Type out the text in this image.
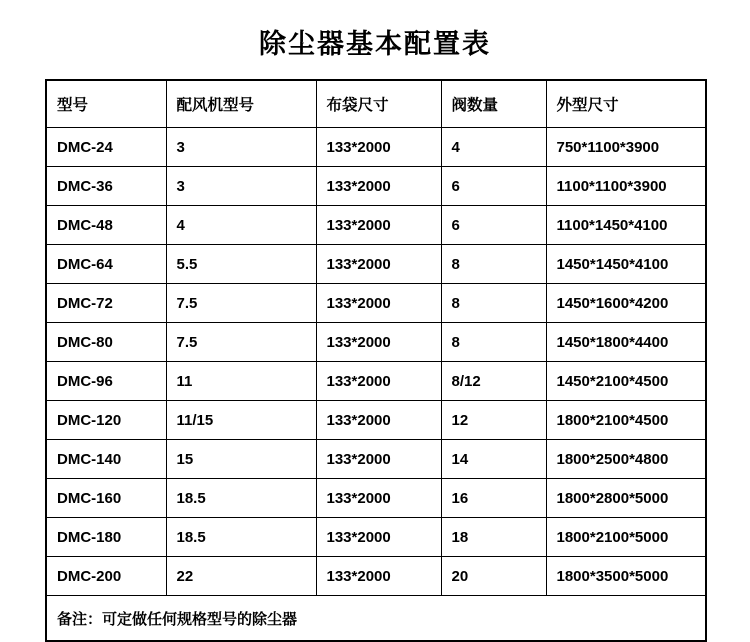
除尘器基本配置表
型号	配风机型号	布袋尺寸	阀数量	外型尺寸
DMC-24	3	133*2000	4	750*1100*3900
DMC-36	3	133*2000	6	1100*1100*3900
DMC-48	4	133*2000	6	1100*1450*4100
DMC-64	5.5	133*2000	8	1450*1450*4100
DMC-72	7.5	133*2000	8	1450*1600*4200
DMC-80	7.5	133*2000	8	1450*1800*4400
DMC-96	11	133*2000	8/12	1450*2100*4500
DMC-120	11/15	133*2000	12	1800*2100*4500
DMC-140	15	133*2000	14	1800*2500*4800
DMC-160	18.5	133*2000	16	1800*2800*5000
DMC-180	18.5	133*2000	18	1800*2100*5000
DMC-200	22	133*2000	20	1800*3500*5000
备注：可定做任何规格型号的除尘器				
